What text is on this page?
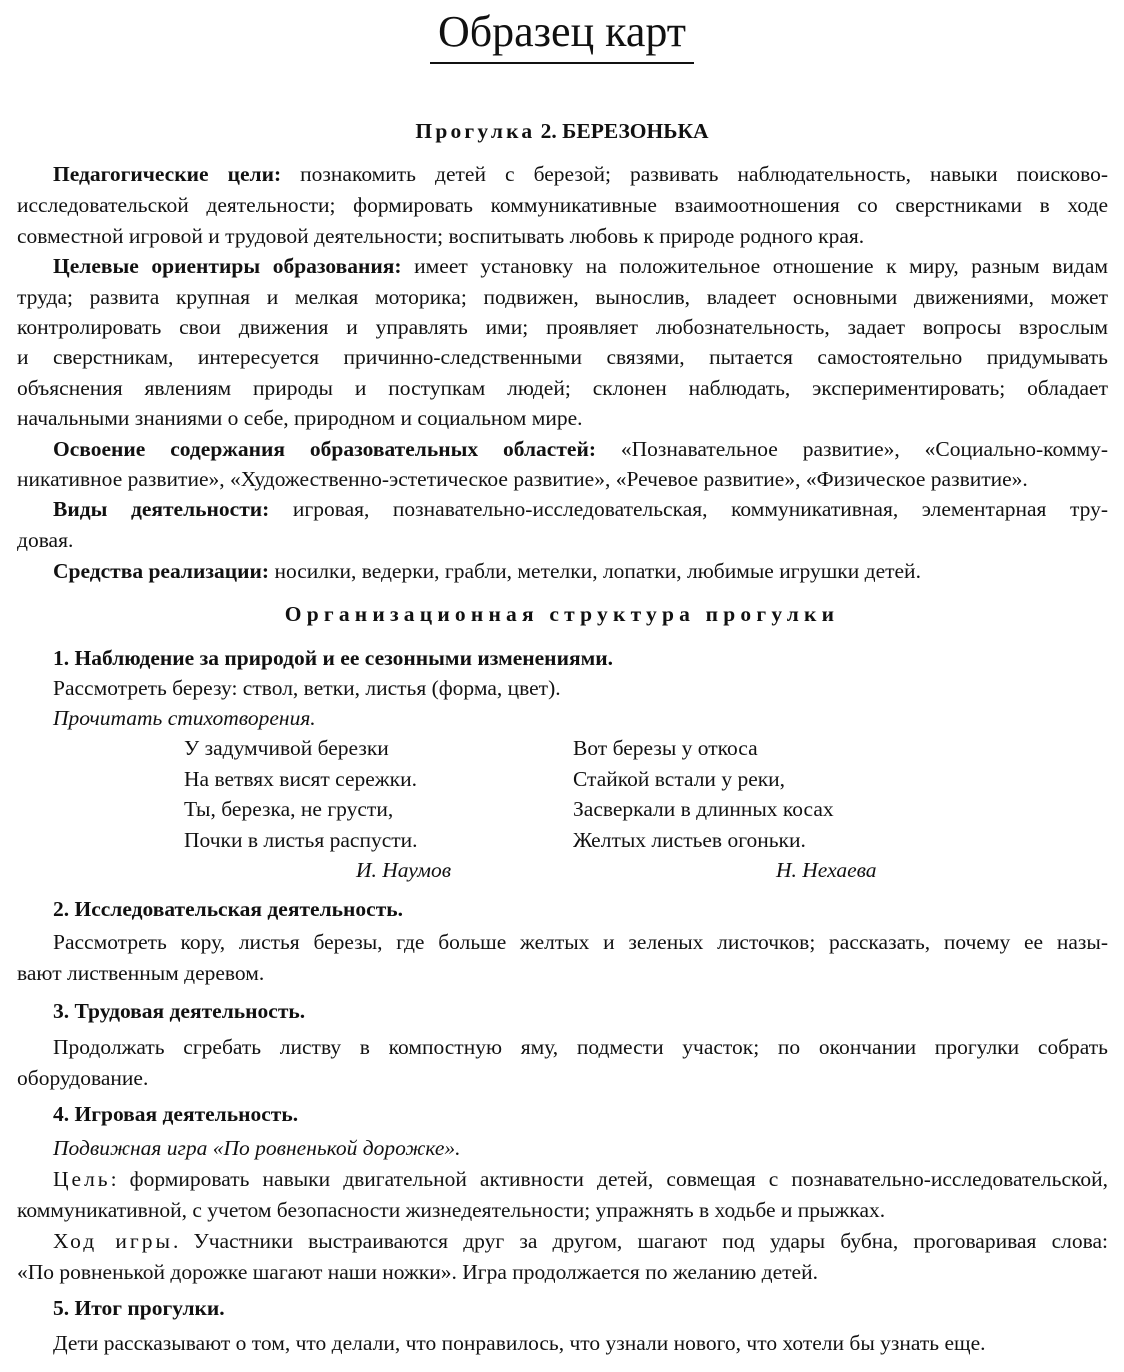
Образец карт
Прогулка 2. БЕРЕЗОНЬКА
Педагогические цели: познакомить детей с березой; развивать наблюдательность, навыки поисково-
исследовательской деятельности; формировать коммуникативные взаимоотношения со сверстниками в ходе
совместной игровой и трудовой деятельности; воспитывать любовь к природе родного края.
Целевые ориентиры образования: имеет установку на положительное отношение к миру, разным видам
труда; развита крупная и мелкая моторика; подвижен, вынослив, владеет основными движениями, может
контролировать свои движения и управлять ими; проявляет любознательность, задает вопросы взрослым
и сверстникам, интересуется причинно-следственными связями, пытается самостоятельно придумывать
объяснения явлениям природы и поступкам людей; склонен наблюдать, экспериментировать; обладает
начальными знаниями о себе, природном и социальном мире.
Освоение содержания образовательных областей: «Познавательное развитие», «Социально-комму-
никативное развитие», «Художественно-эстетическое развитие», «Речевое развитие», «Физическое развитие».
Виды деятельности: игровая, познавательно-исследовательская, коммуникативная, элементарная тру-
довая.
Средства реализации: носилки, ведерки, грабли, метелки, лопатки, любимые игрушки детей.
Организационная структура прогулки
1. Наблюдение за природой и ее сезонными изменениями.
Рассмотреть березу: ствол, ветки, листья (форма, цвет).
Прочитать стихотворения.
У задумчивой березки
На ветвях висят сережки.
Ты, березка, не грусти,
Почки в листья распусти.
И. Наумов
Вот березы у откоса
Стайкой встали у реки,
Засверкали в длинных косах
Желтых листьев огоньки.
Н. Нехаева
2. Исследовательская деятельность.
Рассмотреть кору, листья березы, где больше желтых и зеленых листочков; рассказать, почему ее назы-
вают лиственным деревом.
3. Трудовая деятельность.
Продолжать сгребать листву в компостную яму, подмести участок; по окончании прогулки собрать
оборудование.
4. Игровая деятельность.
Подвижная игра «По ровненькой дорожке».
Цель: формировать навыки двигательной активности детей, совмещая с познавательно-исследовательской,
коммуникативной, с учетом безопасности жизнедеятельности; упражнять в ходьбе и прыжках.
Ход игры. Участники выстраиваются друг за другом, шагают под удары бубна, проговаривая слова:
«По ровненькой дорожке шагают наши ножки». Игра продолжается по желанию детей.
5. Итог прогулки.
Дети рассказывают о том, что делали, что понравилось, что узнали нового, что хотели бы узнать еще.
